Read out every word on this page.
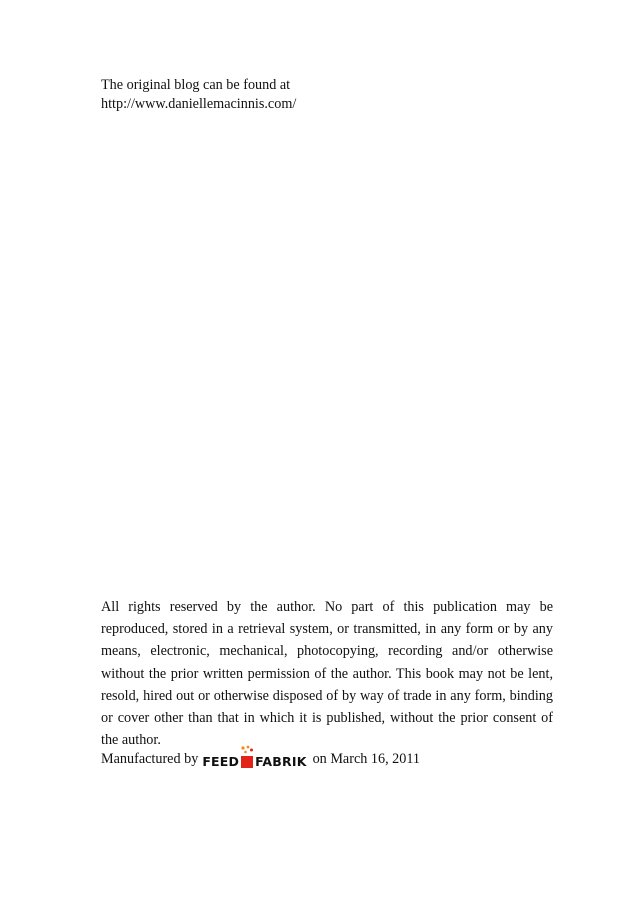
The original blog can be found at
http://www.daniellemacinnis.com/
All rights reserved by the author. No part of this publication may be reproduced, stored in a retrieval system, or transmitted, in any form or by any means, electronic, mechanical, photocopying, recording and/or otherwise without the prior written permission of the author. This book may not be lent, resold, hired out or otherwise disposed of by way of trade in any form, binding or cover other than that in which it is published, without the prior consent of the author.
Manufactured by FEED FABRIK on March 16, 2011
